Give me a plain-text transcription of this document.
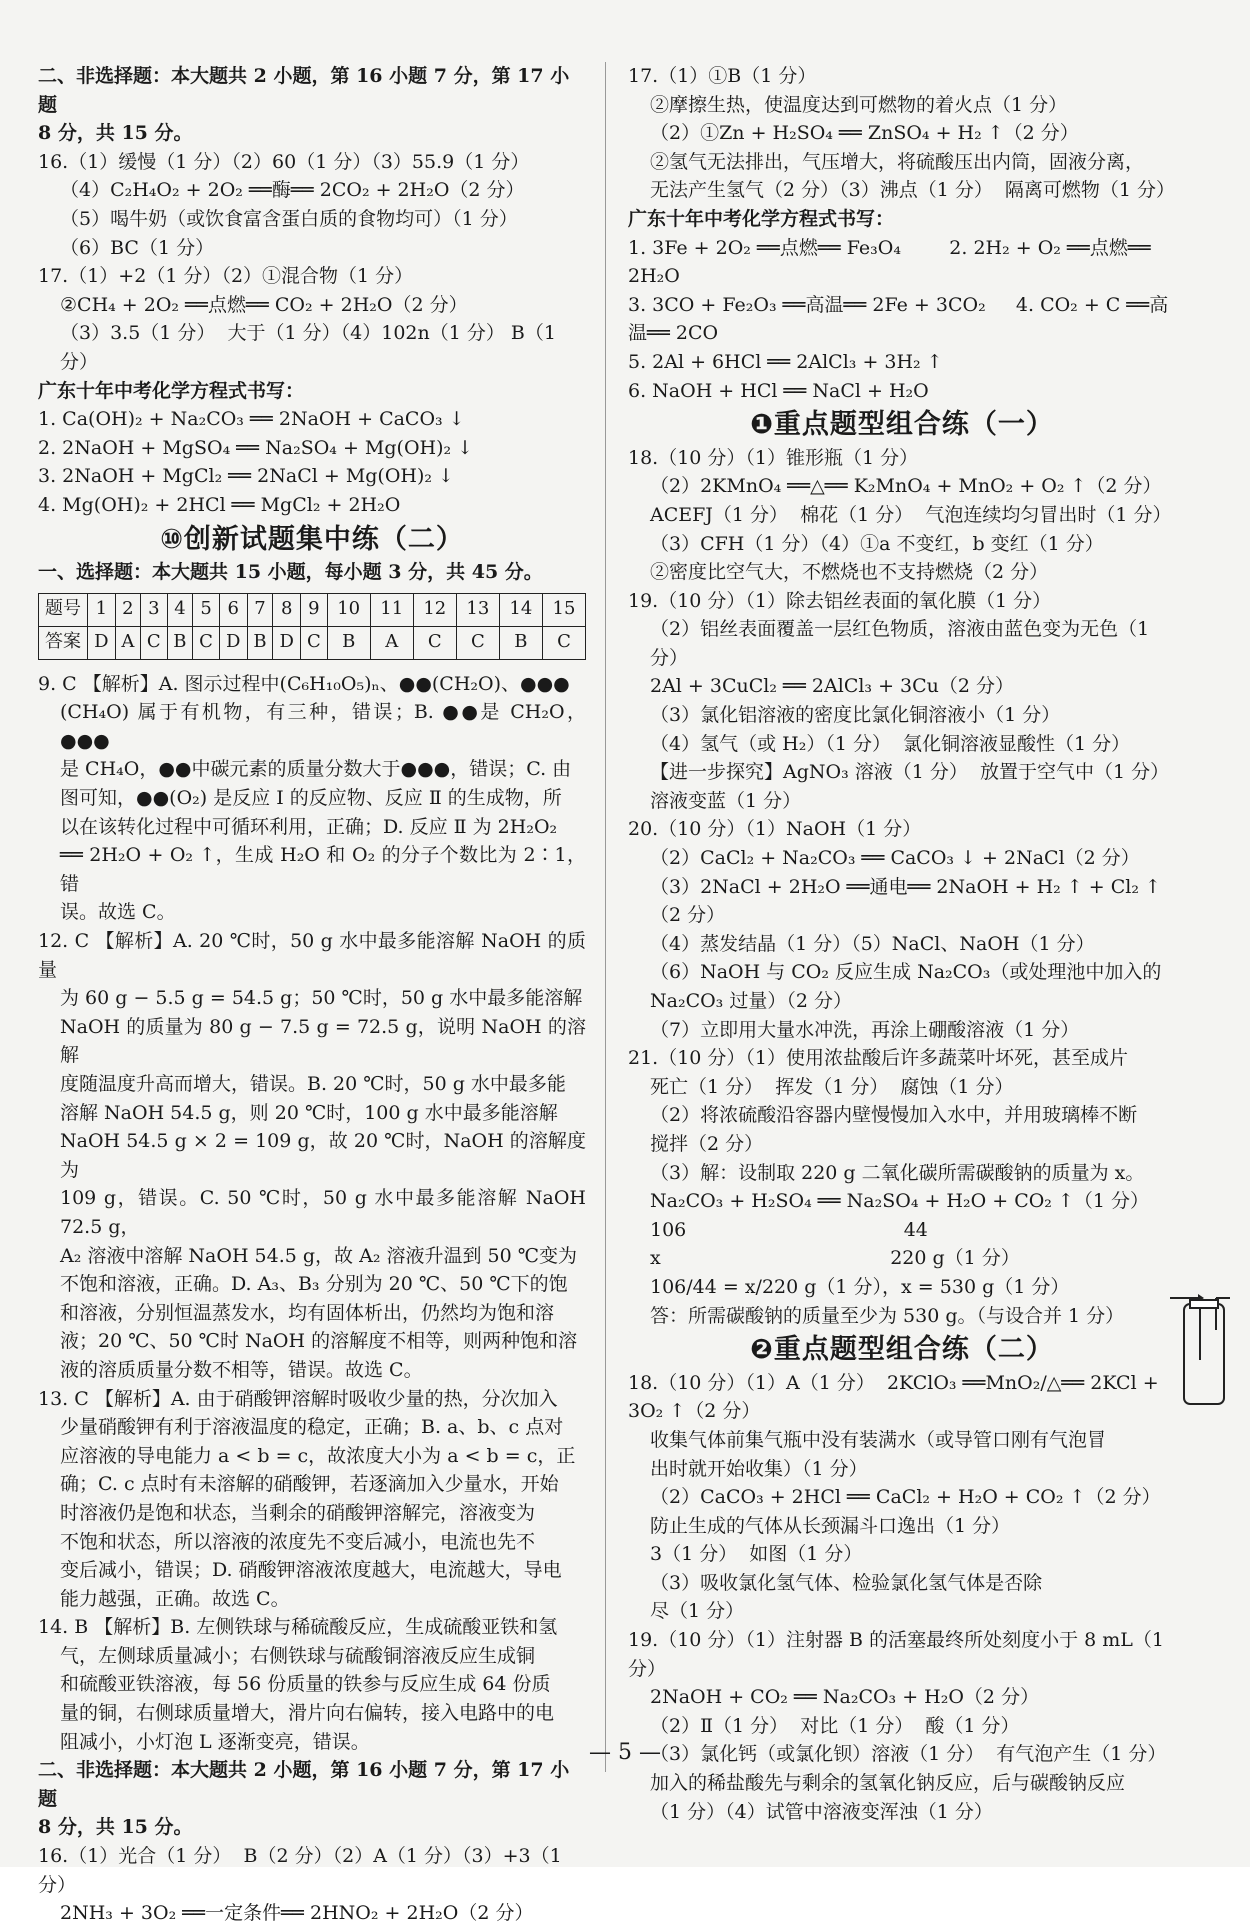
二、非选择题：本大题共 2 小题，第 16 小题 7 分，第 17 小题
8 分，共 15 分。
16.（1）缓慢（1 分）（2）60（1 分）（3）55.9（1 分）
（4）C₂H₄O₂ + 2O₂ ══酶══ 2CO₂ + 2H₂O（2 分）
（5）喝牛奶（或饮食富含蛋白质的食物均可）（1 分）
（6）BC（1 分）
17.（1）+2（1 分）（2）①混合物（1 分）
②CH₄ + 2O₂ ══点燃══ CO₂ + 2H₂O（2 分）
（3）3.5（1 分）  大于（1 分）（4）102n（1 分） B（1 分）
广东十年中考化学方程式书写：
1. Ca(OH)₂ + Na₂CO₃ ══ 2NaOH + CaCO₃ ↓
2. 2NaOH + MgSO₄ ══ Na₂SO₄ + Mg(OH)₂ ↓
3. 2NaOH + MgCl₂ ══ 2NaCl + Mg(OH)₂ ↓
4. Mg(OH)₂ + 2HCl ══ MgCl₂ + 2H₂O
⑩创新试题集中练（二）
一、选择题：本大题共 15 小题，每小题 3 分，共 45 分。
题号	1	2	3	4	5	6	7	8	9	10	11	12	13	14	15
答案	D	A	C	B	C	D	B	D	C	B	A	C	C	B	C
9. C 【解析】A. 图示过程中(C₆H₁₀O₅)ₙ、●●(CH₂O)、●●●
(CH₄O) 属于有机物，有三种，错误；B. ●●是 CH₂O，●●●
是 CH₄O，●●中碳元素的质量分数大于●●●，错误；C. 由
图可知，●●(O₂) 是反应 Ⅰ 的反应物、反应 Ⅱ 的生成物，所
以在该转化过程中可循环利用，正确；D. 反应 Ⅱ 为 2H₂O₂
══ 2H₂O + O₂ ↑，生成 H₂O 和 O₂ 的分子个数比为 2∶1，错
误。故选 C。
12. C 【解析】A. 20 ℃时，50 g 水中最多能溶解 NaOH 的质量
为 60 g − 5.5 g = 54.5 g；50 ℃时，50 g 水中最多能溶解
NaOH 的质量为 80 g − 7.5 g = 72.5 g，说明 NaOH 的溶解
度随温度升高而增大，错误。B. 20 ℃时，50 g 水中最多能
溶解 NaOH 54.5 g，则 20 ℃时，100 g 水中最多能溶解
NaOH 54.5 g × 2 = 109 g，故 20 ℃时，NaOH 的溶解度为
109 g，错误。C. 50 ℃时，50 g 水中最多能溶解 NaOH 72.5 g，
A₂ 溶液中溶解 NaOH 54.5 g，故 A₂ 溶液升温到 50 ℃变为
不饱和溶液，正确。D. A₃、B₃ 分别为 20 ℃、50 ℃下的饱
和溶液，分别恒温蒸发水，均有固体析出，仍然均为饱和溶
液；20 ℃、50 ℃时 NaOH 的溶解度不相等，则两种饱和溶
液的溶质质量分数不相等，错误。故选 C。
13. C 【解析】A. 由于硝酸钾溶解时吸收少量的热，分次加入
少量硝酸钾有利于溶液温度的稳定，正确；B. a、b、c 点对
应溶液的导电能力 a < b = c，故浓度大小为 a < b = c，正
确；C. c 点时有未溶解的硝酸钾，若逐滴加入少量水，开始
时溶液仍是饱和状态，当剩余的硝酸钾溶解完，溶液变为
不饱和状态，所以溶液的浓度先不变后减小，电流也先不
变后减小，错误；D. 硝酸钾溶液浓度越大，电流越大，导电
能力越强，正确。故选 C。
14. B 【解析】B. 左侧铁球与稀硫酸反应，生成硫酸亚铁和氢
气，左侧球质量减小；右侧铁球与硫酸铜溶液反应生成铜
和硫酸亚铁溶液，每 56 份质量的铁参与反应生成 64 份质
量的铜，右侧球质量增大，滑片向右偏转，接入电路中的电
阻减小，小灯泡 L 逐渐变亮，错误。
二、非选择题：本大题共 2 小题，第 16 小题 7 分，第 17 小题
8 分，共 15 分。
16.（1）光合（1 分）  B（2 分）（2）A（1 分）（3）+3（1 分）
2NH₃ + 3O₂ ══一定条件══ 2HNO₂ + 2H₂O（2 分）
17.（1）①B（1 分）
②摩擦生热，使温度达到可燃物的着火点（1 分）
（2）①Zn + H₂SO₄ ══ ZnSO₄ + H₂ ↑（2 分）
②氢气无法排出，气压增大，将硫酸压出内筒，固液分离，
无法产生氢气（2 分）（3）沸点（1 分）  隔离可燃物（1 分）
广东十年中考化学方程式书写：
1. 3Fe + 2O₂ ══点燃══ Fe₃O₄        2. 2H₂ + O₂ ══点燃══ 2H₂O
3. 3CO + Fe₂O₃ ══高温══ 2Fe + 3CO₂     4. CO₂ + C ══高温══ 2CO
5. 2Al + 6HCl ══ 2AlCl₃ + 3H₂ ↑
6. NaOH + HCl ══ NaCl + H₂O
❶重点题型组合练（一）
18.（10 分）（1）锥形瓶（1 分）
（2）2KMnO₄ ══△══ K₂MnO₄ + MnO₂ + O₂ ↑（2 分）
ACEFJ（1 分）  棉花（1 分）  气泡连续均匀冒出时（1 分）
（3）CFH（1 分）（4）①a 不变红，b 变红（1 分）
②密度比空气大，不燃烧也不支持燃烧（2 分）
19.（10 分）（1）除去铝丝表面的氧化膜（1 分）
（2）铝丝表面覆盖一层红色物质，溶液由蓝色变为无色（1 分）
2Al + 3CuCl₂ ══ 2AlCl₃ + 3Cu（2 分）
（3）氯化铝溶液的密度比氯化铜溶液小（1 分）
（4）氢气（或 H₂）（1 分）  氯化铜溶液显酸性（1 分）
【进一步探究】AgNO₃ 溶液（1 分）  放置于空气中（1 分）
溶液变蓝（1 分）
20.（10 分）（1）NaOH（1 分）
（2）CaCl₂ + Na₂CO₃ ══ CaCO₃ ↓ + 2NaCl（2 分）
（3）2NaCl + 2H₂O ══通电══ 2NaOH + H₂ ↑ + Cl₂ ↑（2 分）
（4）蒸发结晶（1 分）（5）NaCl、NaOH（1 分）
（6）NaOH 与 CO₂ 反应生成 Na₂CO₃（或处理池中加入的
Na₂CO₃ 过量）（2 分）
（7）立即用大量水冲洗，再涂上硼酸溶液（1 分）
21.（10 分）（1）使用浓盐酸后许多蔬菜叶坏死，甚至成片
死亡（1 分）  挥发（1 分）  腐蚀（1 分）
（2）将浓硫酸沿容器内壁慢慢加入水中，并用玻璃棒不断
搅拌（2 分）
（3）解：设制取 220 g 二氧化碳所需碳酸钠的质量为 x。
Na₂CO₃ + H₂SO₄ ══ Na₂SO₄ + H₂O + CO₂ ↑（1 分）
106                                    44
x                                      220 g（1 分）
106/44 = x/220 g（1 分），x = 530 g（1 分）
答：所需碳酸钠的质量至少为 530 g。（与设合并 1 分）
❷重点题型组合练（二）
18.（10 分）（1）A（1 分）  2KClO₃ ══MnO₂/△══ 2KCl + 3O₂ ↑（2 分）
收集气体前集气瓶中没有装满水（或导管口刚有气泡冒
出时就开始收集）（1 分）
（2）CaCO₃ + 2HCl ══ CaCl₂ + H₂O + CO₂ ↑（2 分）
防止生成的气体从长颈漏斗口逸出（1 分）
3（1 分）  如图（1 分）
（3）吸收氯化氢气体、检验氯化氢气体是否除
尽（1 分）
19.（10 分）（1）注射器 B 的活塞最终所处刻度小于 8 mL（1 分）
2NaOH + CO₂ ══ Na₂CO₃ + H₂O（2 分）
（2）Ⅱ（1 分）  对比（1 分）  酸（1 分）
（3）氯化钙（或氯化钡）溶液（1 分）  有气泡产生（1 分）
加入的稀盐酸先与剩余的氢氧化钠反应，后与碳酸钠反应
（1 分）（4）试管中溶液变浑浊（1 分）
— 5 —
